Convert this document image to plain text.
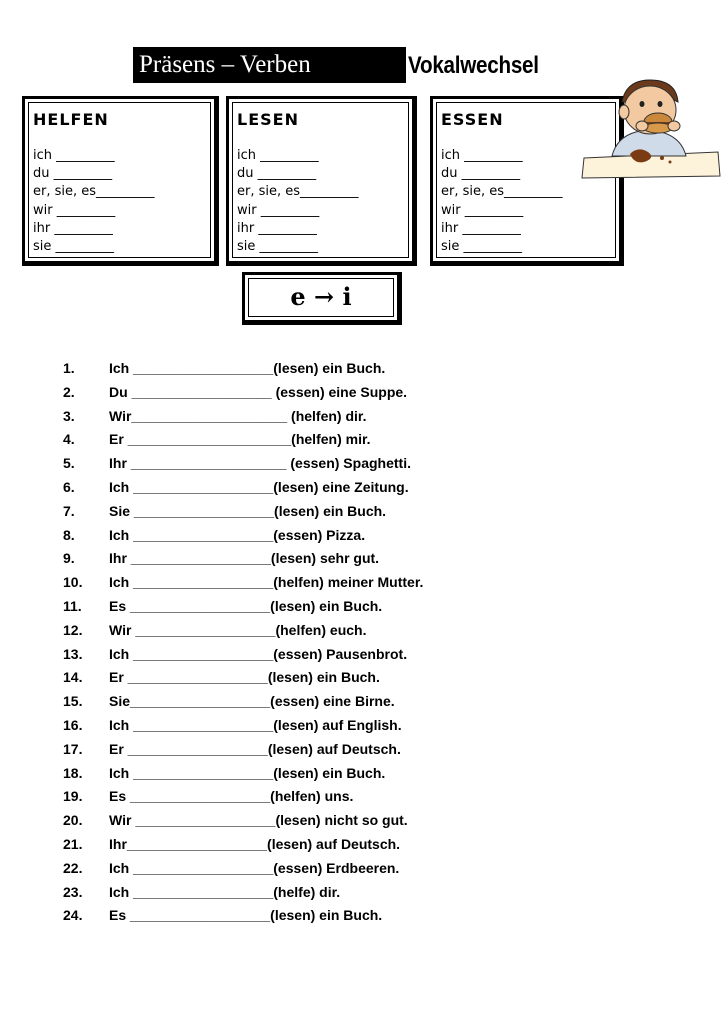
Präsens – Verben	Vokalwechsel
HELFEN
ich _________
du _________
er, sie, es_________
wir _________
ihr _________
sie _________
LESEN
ich _________
du _________
er, sie, es_________
wir _________
ihr _________
sie _________
ESSEN
ich _________
du _________
er, sie, es_________
wir _________
ihr _________
sie _________
e → i
1. Ich __________________(lesen) ein Buch.
2. Du __________________ (essen) eine Suppe.
3. Wir____________________ (helfen) dir.
4. Er _____________________(helfen) mir.
5. Ihr ____________________ (essen) Spaghetti.
6. Ich __________________(lesen) eine Zeitung.
7. Sie __________________(lesen) ein Buch.
8. Ich __________________(essen) Pizza.
9. Ihr __________________(lesen) sehr gut.
10. Ich __________________(helfen) meiner Mutter.
11. Es __________________(lesen) ein Buch.
12. Wir __________________(helfen) euch.
13. Ich __________________(essen) Pausenbrot.
14. Er __________________(lesen) ein Buch.
15. Sie__________________(essen) eine Birne.
16. Ich __________________(lesen) auf English.
17. Er __________________(lesen) auf Deutsch.
18. Ich __________________(lesen) ein Buch.
19. Es __________________(helfen) uns.
20. Wir __________________(lesen) nicht so gut.
21. Ihr__________________(lesen) auf Deutsch.
22. Ich __________________(essen) Erdbeeren.
23. Ich __________________(helfe) dir.
24. Es __________________(lesen) ein Buch.
